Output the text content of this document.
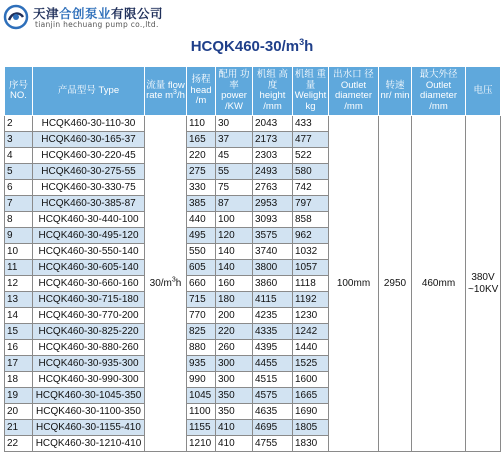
天津合创泵业有限公司
tianjin hechuang pump co.,ltd.
$HCQK460-30/m^3h$
序号 NO.	产品型号 Type	流量 flow rate $m^3/h$	扬程 head /m	配用 功率 power /KW	机组 高度 height /mm	机组 重量 Welight kg	出水口 径 Outlet diameter /mm	转速 nr/ min	最大外径 Outlet diameter /mm	电压
2	HCQK460-30-110-30	$30/m^3h$	110	30	2043	433	100mm	2950	460mm	380V
~10KV
3	HCQK460-30-165-37		165	37	2173	477				
4	HCQK460-30-220-45		220	45	2303	522				
5	HCQK460-30-275-55		275	55	2493	580				
6	HCQK460-30-330-75		330	75	2763	742				
7	HCQK460-30-385-87		385	87	2953	797				
8	HCQK460-30-440-100		440	100	3093	858				
9	HCQK460-30-495-120		495	120	3575	962				
10	HCQK460-30-550-140		550	140	3740	1032				
11	HCQK460-30-605-140		605	140	3800	1057				
12	HCQK460-30-660-160		660	160	3860	1118				
13	HCQK460-30-715-180		715	180	4115	1192				
14	HCQK460-30-770-200		770	200	4235	1230				
15	HCQK460-30-825-220		825	220	4335	1242				
16	HCQK460-30-880-260		880	260	4395	1440				
17	HCQK460-30-935-300		935	300	4455	1525				
18	HCQK460-30-990-300		990	300	4515	1600				
19	HCQK460-30-1045-350		1045	350	4575	1665				
20	HCQK460-30-1100-350		1100	350	4635	1690				
21	HCQK460-30-1155-410		1155	410	4695	1805				
22	HCQK460-30-1210-410		1210	410	4755	1830				
